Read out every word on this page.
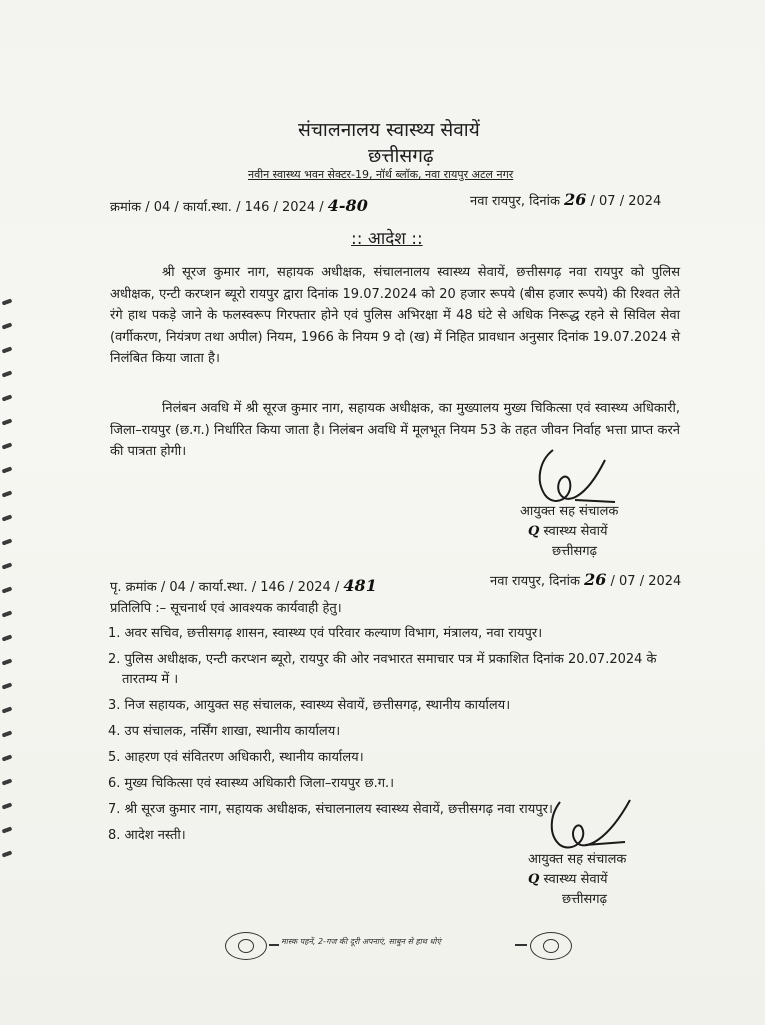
संचालनालय स्वास्थ्य सेवायें
छत्तीसगढ़
नवीन स्वास्थ्य भवन सेक्टर-19, नॉर्थ ब्लॉक, नवा रायपुर अटल नगर
क्रमांक / 04 / कार्या.स्था. / 146 / 2024 / 4-80	नवा रायपुर, दिनांक 26 / 07 / 2024
:: आदेश ::
श्री सूरज कुमार नाग, सहायक अधीक्षक, संचालनालय स्वास्थ्य सेवायें, छत्तीसगढ़ नवा रायपुर को पुलिस अधीक्षक, एन्टी करप्शन ब्यूरो रायपुर द्वारा दिनांक 19.07.2024 को 20 हजार रूपये (बीस हजार रूपये) की रिश्वत लेते रंगे हाथ पकड़े जाने के फलस्वरूप गिरफ्तार होने एवं पुलिस अभिरक्षा में 48 घंटे से अधिक निरूद्ध रहने से सिविल सेवा (वर्गीकरण, नियंत्रण तथा अपील) नियम, 1966 के नियम 9 दो (ख) में निहित प्रावधान अनुसार दिनांक 19.07.2024 से निलंबित किया जाता है।
निलंबन अवधि में श्री सूरज कुमार नाग, सहायक अधीक्षक, का मुख्यालय मुख्य चिकित्सा एवं स्वास्थ्य अधिकारी, जिला–रायपुर (छ.ग.) निर्धारित किया जाता है। निलंबन अवधि में मूलभूत नियम 53 के तहत जीवन निर्वाह भत्ता प्राप्त करने की पात्रता होगी।
आयुक्त सह संचालक
Q स्वास्थ्य सेवायें
छत्तीसगढ़
पृ. क्रमांक / 04 / कार्या.स्था. / 146 / 2024 / 481	नवा रायपुर, दिनांक 26 / 07 / 2024
प्रतिलिपि :– सूचनार्थ एवं आवश्यक कार्यवाही हेतु।
1. अवर सचिव, छत्तीसगढ़ शासन, स्वास्थ्य एवं परिवार कल्याण विभाग, मंत्रालय, नवा रायपुर।
2. पुलिस अधीक्षक, एन्टी करप्शन ब्यूरो, रायपुर की ओर नवभारत समाचार पत्र में प्रकाशित दिनांक 20.07.2024 के तारतम्य में ।
3. निज सहायक, आयुक्त सह संचालक, स्वास्थ्य सेवायें, छत्तीसगढ़, स्थानीय कार्यालय।
4. उप संचालक, नर्सिंग शाखा, स्थानीय कार्यालय।
5. आहरण एवं संवितरण अधिकारी, स्थानीय कार्यालय।
6. मुख्य चिकित्सा एवं स्वास्थ्य अधिकारी जिला–रायपुर छ.ग.।
7. श्री सूरज कुमार नाग, सहायक अधीक्षक, संचालनालय स्वास्थ्य सेवायें, छत्तीसगढ़ नवा रायपुर।
8. आदेश नस्ती।
आयुक्त सह संचालक
Q स्वास्थ्य सेवायें
छत्तीसगढ़
मास्क पहनें, 2-गज की दूरी अपनाएं, साबुन से हाथ धोएं
